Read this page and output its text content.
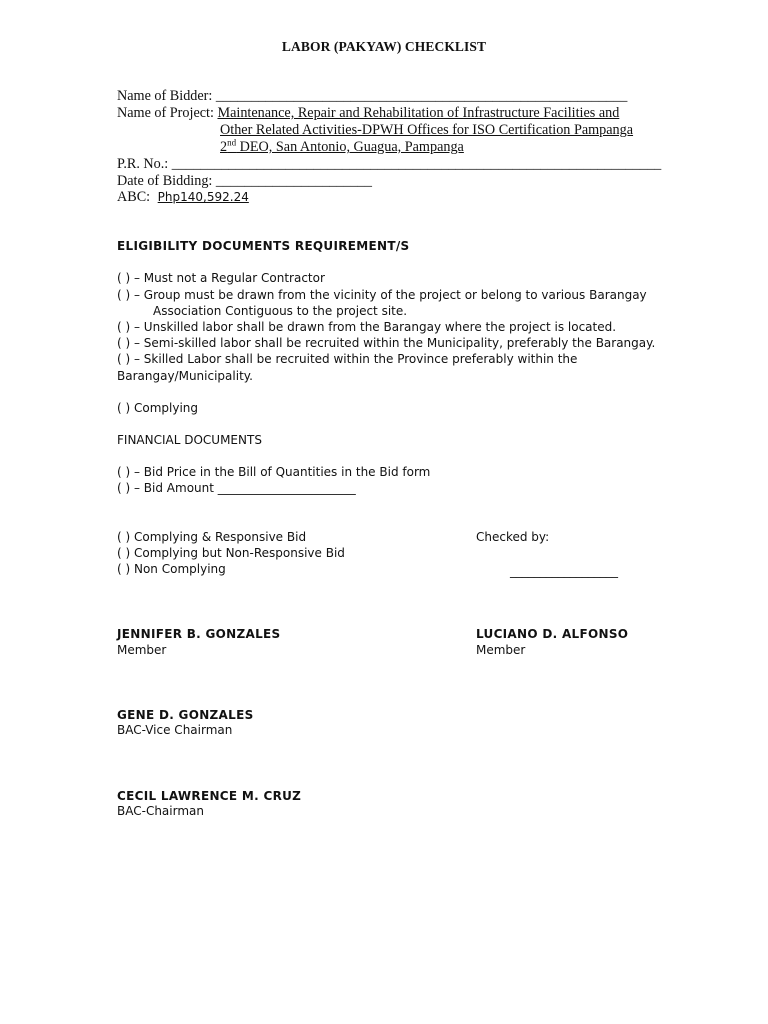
LABOR (PAKYAW) CHECKLIST
Name of Bidder: __________________________________________________________
Name of Project: Maintenance, Repair and Rehabilitation of Infrastructure Facilities and
Other Related Activities-DPWH Offices for ISO Certification Pampanga
2nd DEO, San Antonio, Guagua, Pampanga
P.R. No.: _____________________________________________________________________
Date of Bidding: ______________________
ABC: Php140,592.24
ELIGIBILITY DOCUMENTS REQUIREMENT/S
( ) – Must not a Regular Contractor
( ) – Group must be drawn from the vicinity of the project or belong to various Barangay
Association Contiguous to the project site.
( ) – Unskilled labor shall be drawn from the Barangay where the project is located.
( ) – Semi-skilled labor shall be recruited within the Municipality, preferably the Barangay.
( ) – Skilled Labor shall be recruited within the Province preferably within the
Barangay/Municipality.
( ) Complying
FINANCIAL DOCUMENTS
( ) – Bid Price in the Bill of Quantities in the Bid form
( ) – Bid Amount _______________________
( ) Complying & Responsive Bid
( ) Complying but Non-Responsive Bid
( ) Non Complying
Checked by:
__________________
JENNIFER B. GONZALES
Member
LUCIANO D. ALFONSO
Member
GENE D. GONZALES
BAC-Vice Chairman
CECIL LAWRENCE M. CRUZ
BAC-Chairman
